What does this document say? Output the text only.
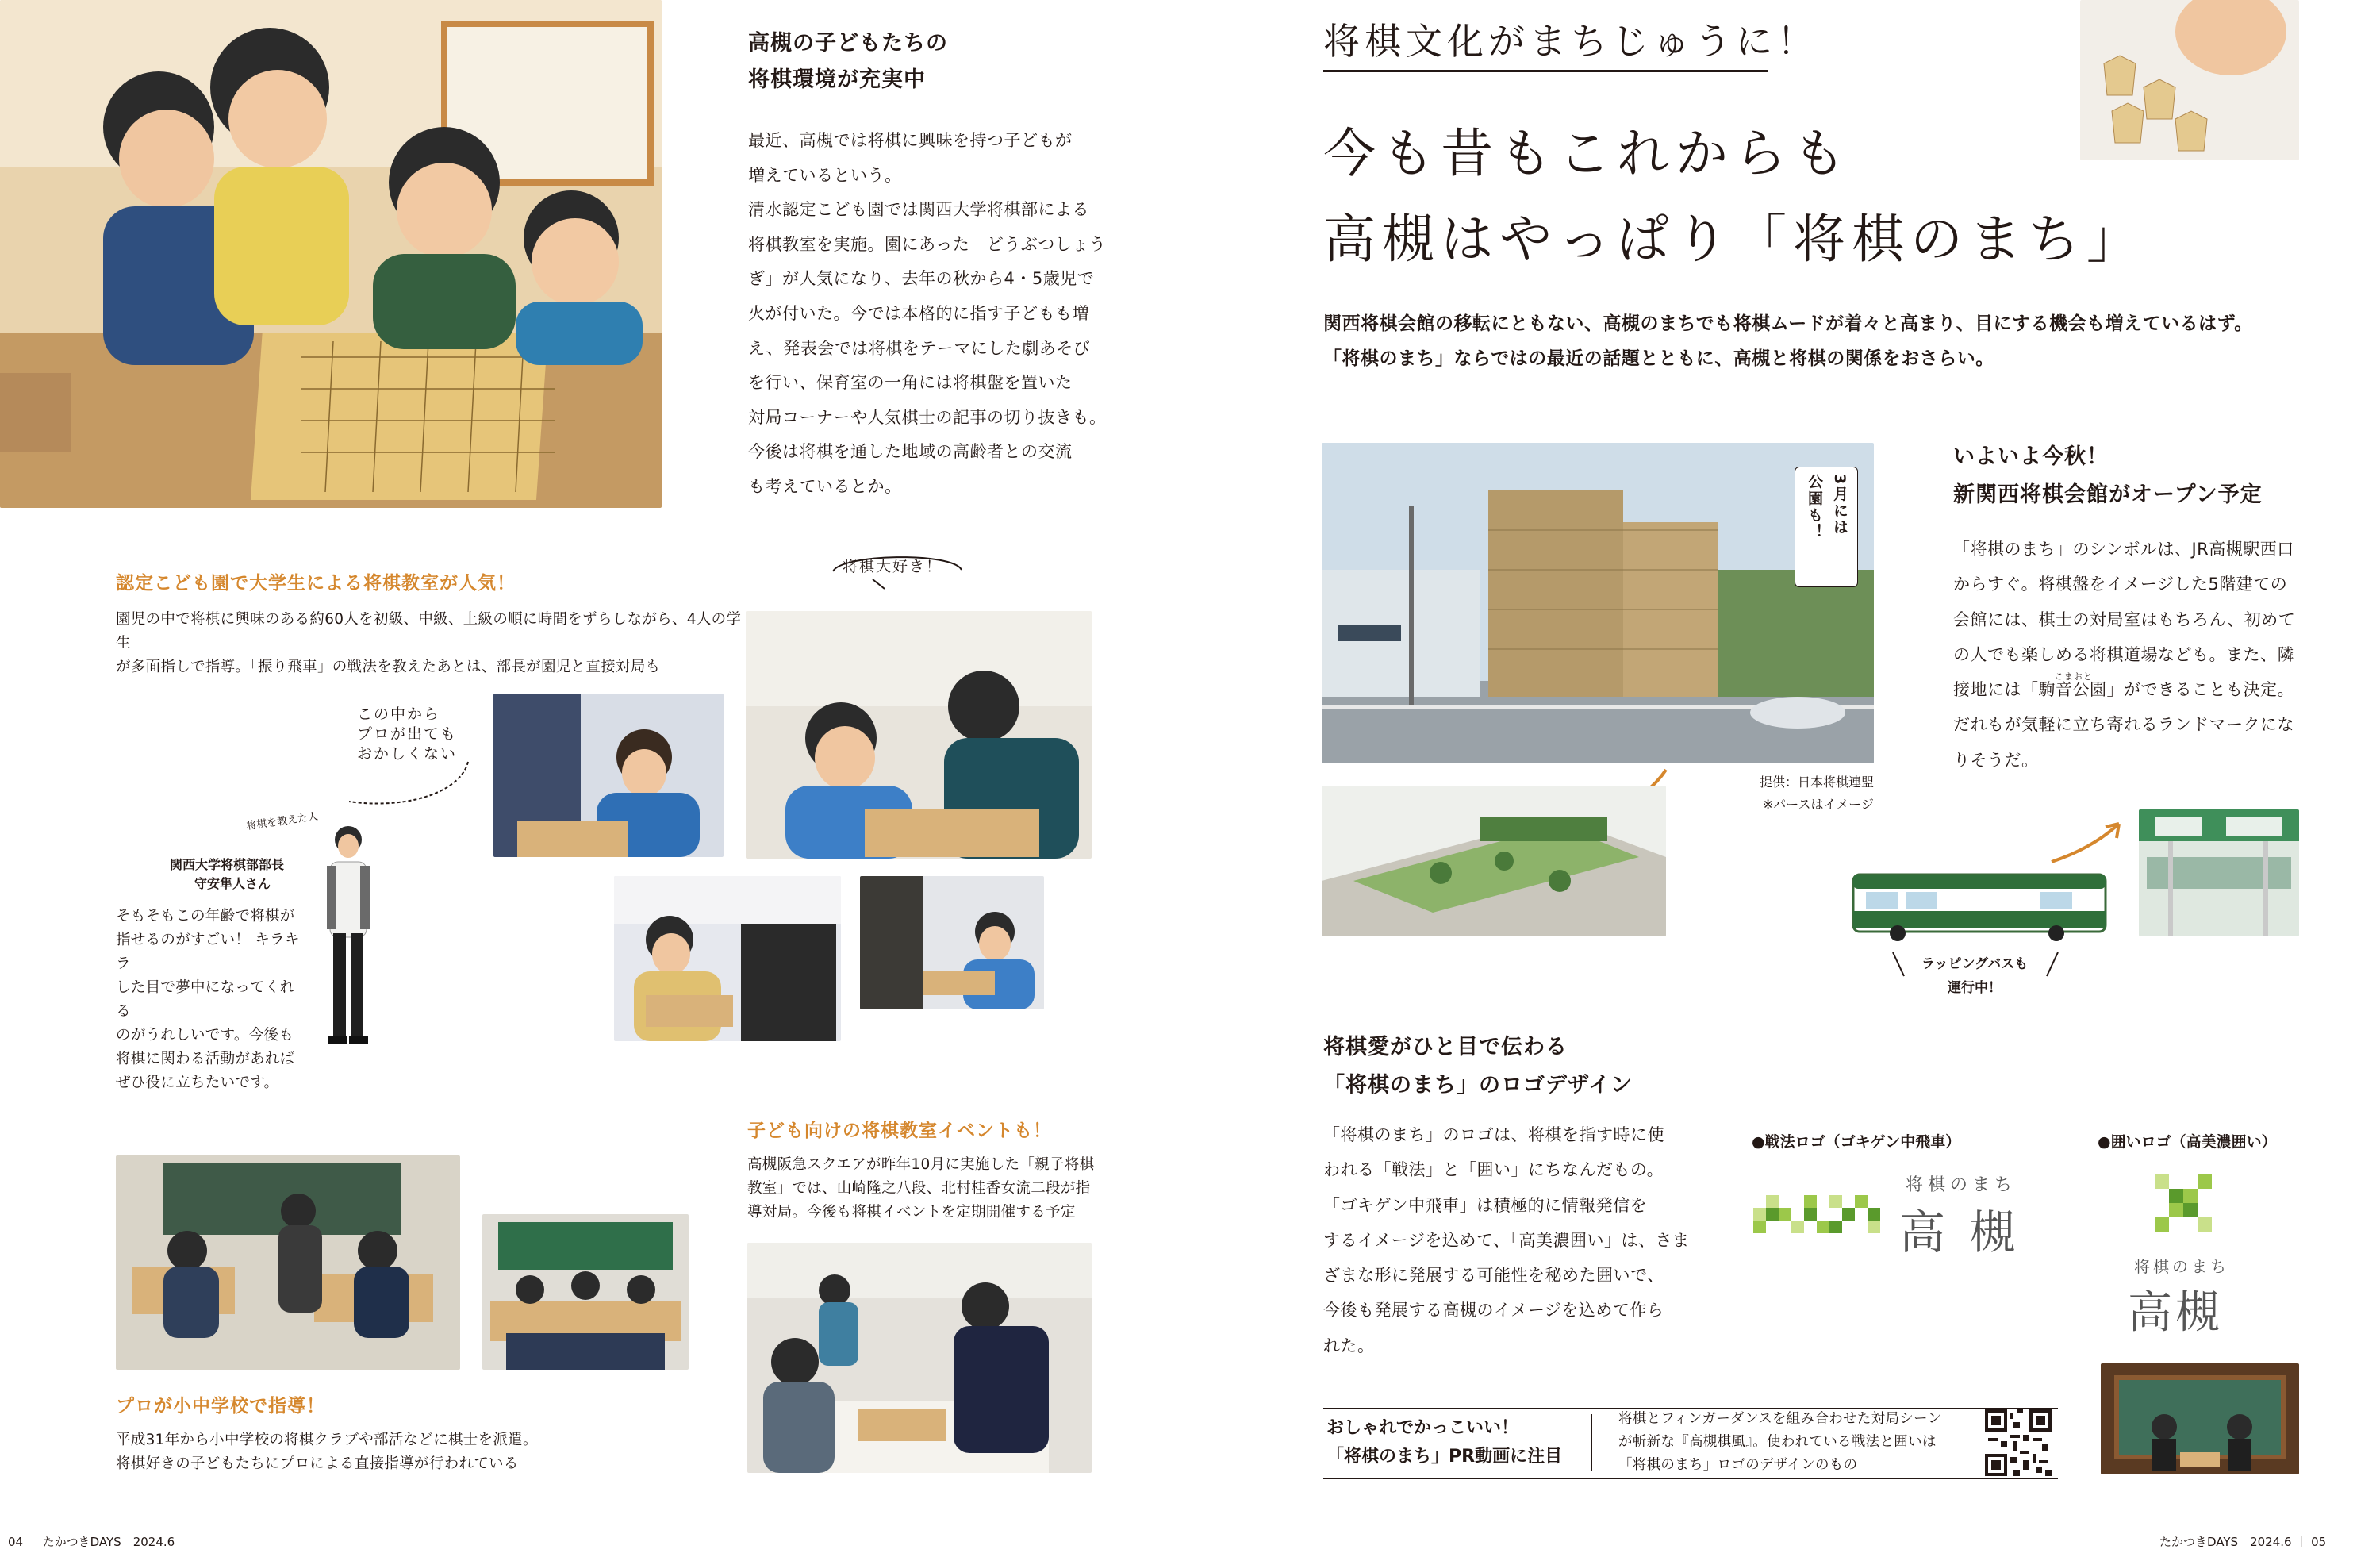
高槻の子どもたちの

将棋環境が充実中

最近、高槻では将棋に興味を持つ子どもが

増えているという。

清水認定こども園では関西大学将棋部による

将棋教室を実施。園にあった「どうぶつしょう

ぎ」が人気になり、去年の秋から4・5歳児で

火が付いた。今では本格的に指す子どもも増

え、発表会では将棋をテーマにした劇あそび

を行い、保育室の一角には将棋盤を置いた

対局コーナーや人気棋士の記事の切り抜きも。

今後は将棋を通した地域の高齢者との交流

も考えているとか。

認定こども園で大学生による将棋教室が人気！

園児の中で将棋に興味のある約60人を初級、中級、上級の順に時間をずらしながら、4人の学生

が多面指しで指導。「振り飛車」の戦法を教えたあとは、部長が園児と直接対局も

将棋大好き！

この中から

プロが出ても

おかしくない

将棋を教えた人
関西大学将棋部部長
守安隼人さん

そもそもこの年齢で将棋が

指せるのがすごい！ キラキラ

した目で夢中になってくれる

のがうれしいです。今後も

将棋に関わる活動があれば

ぜひ役に立ちたいです。

プロが小中学校で指導！

平成31年から小中学校の将棋クラブや部活などに棋士を派遣。

将棋好きの子どもたちにプロによる直接指導が行われている

子ども向けの将棋教室イベントも！

高槻阪急スクエアが昨年10月に実施した「親子将棋

教室」では、山崎隆之八段、北村桂香女流二段が指

導対局。今後も将棋イベントを定期開催する予定

04 ｜ たかつきDAYS　2024.6
将棋文化がまちじゅうに！

今も昔もこれからも

高槻はやっぱり「将棋のまち」

関西将棋会館の移転にともない、高槻のまちでも将棋ムードが着々と高まり、目にする機会も増えているはず。

「将棋のまち」ならではの最近の話題とともに、高槻と将棋の関係をおさらい。

3月には
公園も！

提供：日本将棋連盟

※パースはイメージ

いよいよ今秋！

新関西将棋会館がオープン予定

こまおと

「将棋のまち」のシンボルは、JR高槻駅西口

からすぐ。将棋盤をイメージした5階建ての

会館には、棋士の対局室はもちろん、初めて

の人でも楽しめる将棋道場なども。また、隣

接地には「駒音公園」ができることも決定。

だれもが気軽に立ち寄れるランドマークにな

りそうだ。

ラッピングバスも
運行中！

将棋愛がひと目で伝わる

「将棋のまち」のロゴデザイン

「将棋のまち」のロゴは、将棋を指す時に使

われる「戦法」と「囲い」にちなんだもの。

「ゴキゲン中飛車」は積極的に情報発信を

するイメージを込めて、「高美濃囲い」は、さま

ざまな形に発展する可能性を秘めた囲いで、

今後も発展する高槻のイメージを込めて作ら

れた。

●戦法ロゴ（ゴキゲン中飛車）
将棋のまち
高 槻
●囲いロゴ（高美濃囲い）
将棋のまち
高槻

おしゃれでかっこいい！

「将棋のまち」PR動画に注目

将棋とフィンガーダンスを組み合わせた対局シーン

が斬新な『高槻棋風』。使われている戦法と囲いは

「将棋のまち」ロゴのデザインのもの

たかつきDAYS　2024.6 ｜ 05
